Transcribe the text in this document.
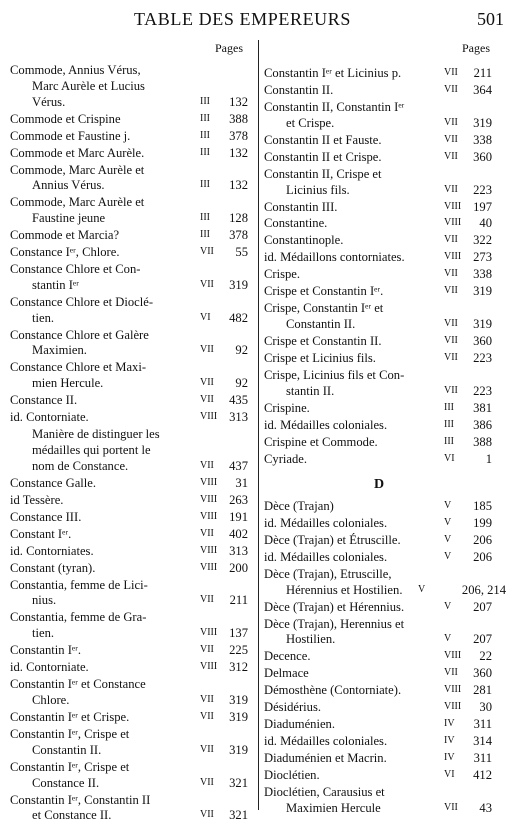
TABLE DES EMPEREURS	501
Pages
Commode, Annius Vérus,
Marc Aurèle et Lucius
Vérus.	III	132
Commode et Crispine	III	388
Commode et Faustine j.	III	378
Commode et Marc Aurèle.	III	132
Commode, Marc Aurèle et
Annius Vérus.	III	132
Commode, Marc Aurèle et
Faustine jeune	III	128
Commode et Marcia?	III	378
Constance Iᵉʳ, Chlore.	VII	55
Constance Chlore et Con-
stantin Iᵉʳ	VII	319
Constance Chlore et Dioclé-
tien.	VI	482
Constance Chlore et Galère
Maximien.	VII	92
Constance Chlore et Maxi-
mien Hercule.	VII	92
Constance II.	VII	435
id. Contorniate.	VIII 313
Manière de distinguer les
médailles qui portent le
nom de Constance.	VII	437
Constance Galle.	VIII	31
id Tessère.	VIII 263
Constance III.	VIII 191
Constant Iᵉʳ.	VII	402
id. Contorniates.	VIII 313
Constant (tyran).	VIII 200
Constantia, femme de Lici-
nius.	VII	211
Constantia, femme de Gra-
tien.	VIII 137
Constantin Iᵉʳ.	VII	225
id. Contorniate.	VIII 312
Constantin Iᵉʳ et Constance
Chlore.	VII	319
Constantin Iᵉʳ et Crispe.	VII	319
Constantin Iᵉʳ, Crispe et
Constantin II.	VII	319
Constantin Iᵉʳ, Crispe et
Constance II.	VII	321
Constantin Iᵉʳ, Constantin II
et Constance II.	VII	321
Pages
Constantin Iᵉʳ et Licinius p.	VII	211
Constantin II.	VII	364
Constantin II, Constantin Iᵉʳ
et Crispe.	VII	319
Constantin II et Fauste.	VII	338
Constantin II et Crispe.	VII	360
Constantin II, Crispe et
Licinius fils.	VII	223
Constantin III.	VIII 197
Constantine.	VIII	40
Constantinople.	VII	322
id. Médaillons contorniates.	VIII 273
Crispe.	VII	338
Crispe et Constantin Iᵉʳ.	VII	319
Crispe, Constantin Iᵉʳ et
Constantin II.	VII	319
Crispe et Constantin II.	VII	360
Crispe et Licinius fils.	VII	223
Crispe, Licinius fils et Con-
stantin II.	VII	223
Crispine.	III	381
id. Médailles coloniales.	III	386
Crispine et Commode.	III	388
Cyriade.	VI	1
D
Dèce (Trajan)	V	185
id. Médailles coloniales.	V	199
Dèce (Trajan) et Étruscille.	V	206
id. Médailles coloniales.	V	206
Dèce (Trajan), Etruscille,
Hérennius et Hostilien.	V	206, 214
Dèce (Trajan) et Hérennius.	V	207
Dèce (Trajan), Herennius et
Hostilien.	V	207
Decence.	VIII	22
Delmace	VII	360
Démosthène (Contorniate).	VIII 281
Désidérius.	VIII	30
Diaduménien.	IV	311
id. Médailles coloniales.	IV	314
Diaduménien et Macrin.	IV	311
Dioclétien.	VI	412
Dioclétien, Carausius et
Maximien Hercule	VII	43
